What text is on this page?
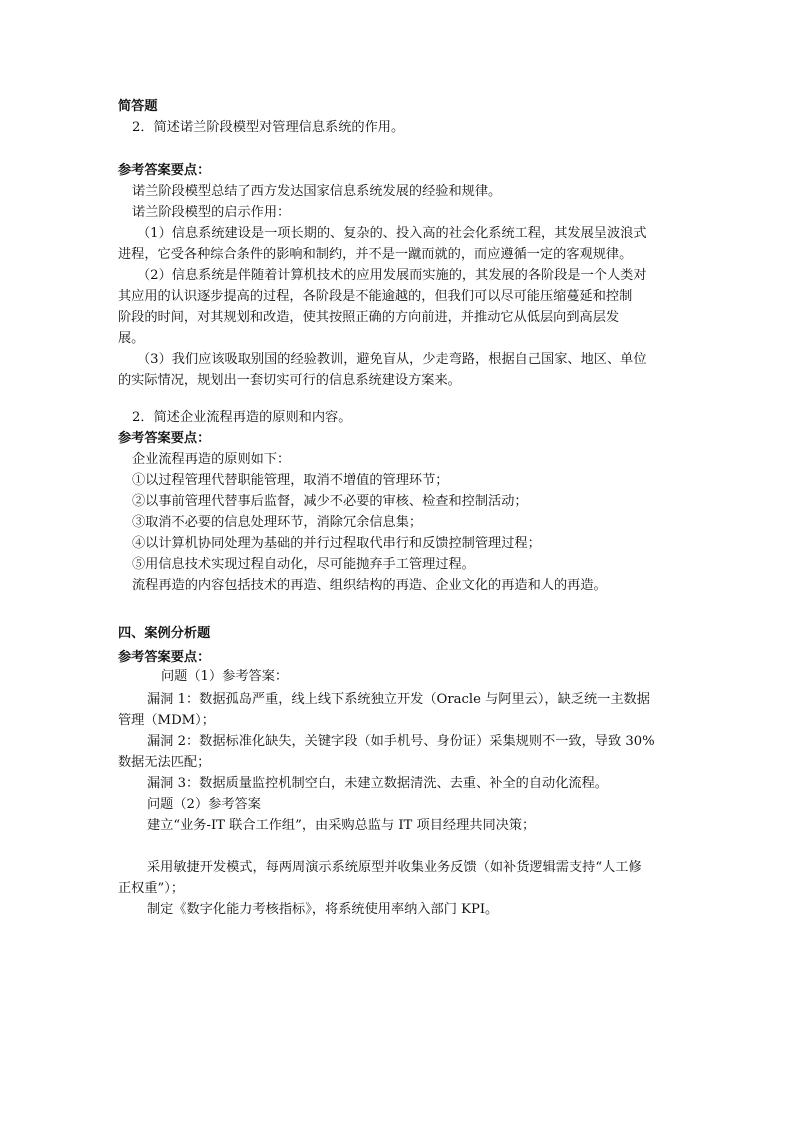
简答题
2．简述诺兰阶段模型对管理信息系统的作用。
参考答案要点：
诺兰阶段模型总结了西方发达国家信息系统发展的经验和规律。
诺兰阶段模型的启示作用：
（1）信息系统建设是一项长期的、复杂的、投入高的社会化系统工程，其发展呈波浪式
进程，它受各种综合条件的影响和制约，并不是一蹴而就的，而应遵循一定的客观规律。
（2）信息系统是伴随着计算机技术的应用发展而实施的，其发展的各阶段是一个人类对
其应用的认识逐步提高的过程，各阶段是不能逾越的，但我们可以尽可能压缩蔓延和控制
阶段的时间，对其规划和改造，使其按照正确的方向前进，并推动它从低层向到高层发
展。
（3）我们应该吸取别国的经验教训，避免盲从，少走弯路，根据自己国家、地区、单位
的实际情况，规划出一套切实可行的信息系统建设方案来。
2．简述企业流程再造的原则和内容。
参考答案要点：
企业流程再造的原则如下：
①以过程管理代替职能管理，取消不增值的管理环节；
②以事前管理代替事后监督，减少不必要的审核、检查和控制活动；
③取消不必要的信息处理环节，消除冗余信息集；
④以计算机协同处理为基础的并行过程取代串行和反馈控制管理过程；
⑤用信息技术实现过程自动化，尽可能抛弃手工管理过程。
流程再造的内容包括技术的再造、组织结构的再造、企业文化的再造和人的再造。
四、案例分析题
参考答案要点：
问题（1）参考答案：
漏洞 1：数据孤岛严重，线上线下系统独立开发（Oracle 与阿里云），缺乏统一主数据
管理（MDM）；
漏洞 2：数据标准化缺失，关键字段（如手机号、身份证）采集规则不一致，导致 30%
数据无法匹配；
漏洞 3：数据质量监控机制空白，未建立数据清洗、去重、补全的自动化流程。
问题（2）参考答案
建立“业务-IT 联合工作组”，由采购总监与 IT 项目经理共同决策；
采用敏捷开发模式，每两周演示系统原型并收集业务反馈（如补货逻辑需支持“人工修
正权重”）；
制定《数字化能力考核指标》，将系统使用率纳入部门 KPI。
